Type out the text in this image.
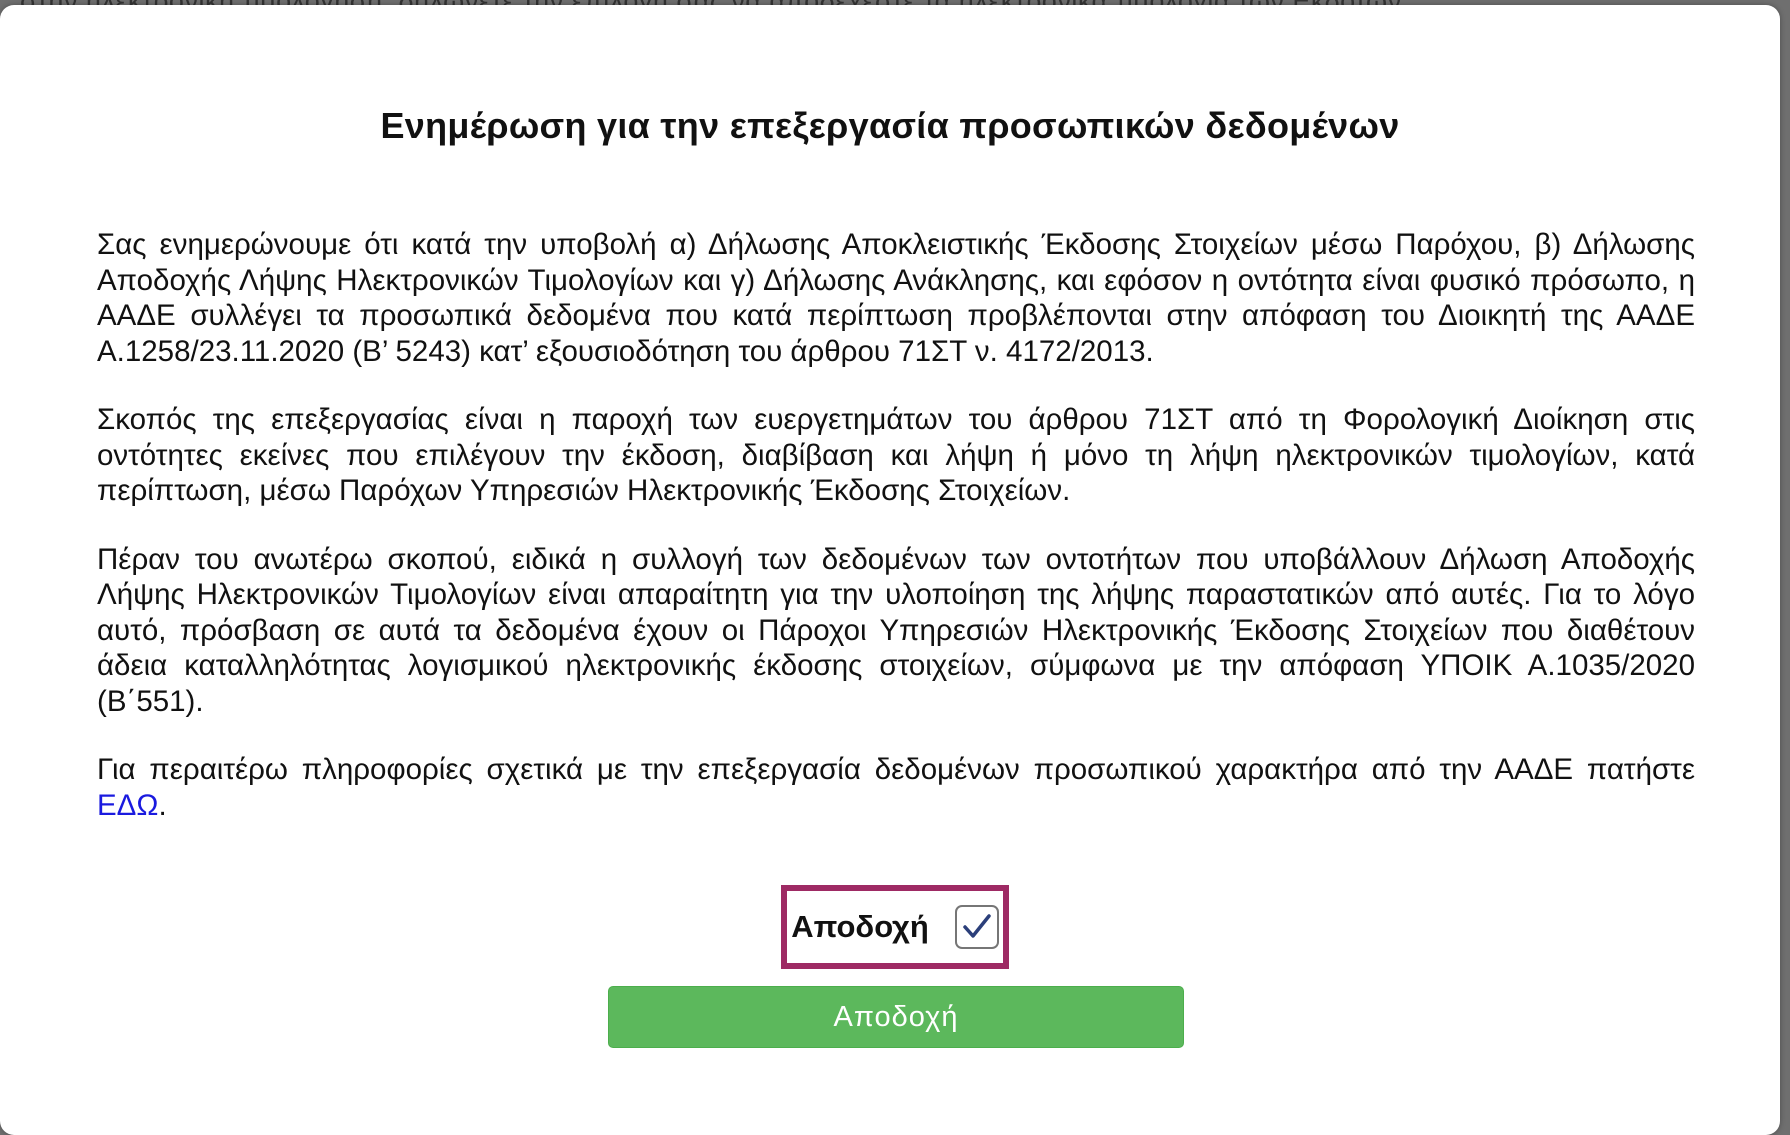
Ενημέρωση για την επεξεργασία προσωπικών δεδομένων

Σας ενημερώνουμε ότι κατά την υποβολή α) Δήλωσης Αποκλειστικής Έκδοσης Στοιχείων μέσω Παρόχου, β) Δήλωσης Αποδοχής Λήψης Ηλεκτρονικών Τιμολογίων και γ) Δήλωσης Ανάκλησης, και εφόσον η οντότητα είναι φυσικό πρόσωπο, η ΑΑΔΕ συλλέγει τα προσωπικά δεδομένα που κατά περίπτωση προβλέπονται στην απόφαση του Διοικητή της ΑΑΔΕ Α.1258/23.11.2020 (Β’ 5243) κατ’ εξουσιοδότηση του άρθρου 71ΣΤ ν. 4172/2013.

Σκοπός της επεξεργασίας είναι η παροχή των ευεργετημάτων του άρθρου 71ΣΤ από τη Φορολογική Διοίκηση στις οντότητες εκείνες που επιλέγουν την έκδοση, διαβίβαση και λήψη ή μόνο τη λήψη ηλεκτρονικών τιμολογίων, κατά περίπτωση, μέσω Παρόχων Υπηρεσιών Ηλεκτρονικής Έκδοσης Στοιχείων.

Πέραν του ανωτέρω σκοπού, ειδικά η συλλογή των δεδομένων των οντοτήτων που υποβάλλουν Δήλωση Αποδοχής Λήψης Ηλεκτρονικών Τιμολογίων είναι απαραίτητη για την υλοποίηση της λήψης παραστατικών από αυτές. Για το λόγο αυτό, πρόσβαση σε αυτά τα δεδομένα έχουν οι Πάροχοι Υπηρεσιών Ηλεκτρονικής Έκδοσης Στοιχείων που διαθέτουν άδεια καταλληλότητας λογισμικού ηλεκτρονικής έκδοσης στοιχείων, σύμφωνα με την απόφαση ΥΠΟΙΚ Α.1035/2020 (Β΄551).

Για περαιτέρω πληροφορίες σχετικά με την επεξεργασία δεδομένων προσωπικού χαρακτήρα από την ΑΑΔΕ πατήστε ΕΔΩ.

Αποδοχή
Αποδοχή
